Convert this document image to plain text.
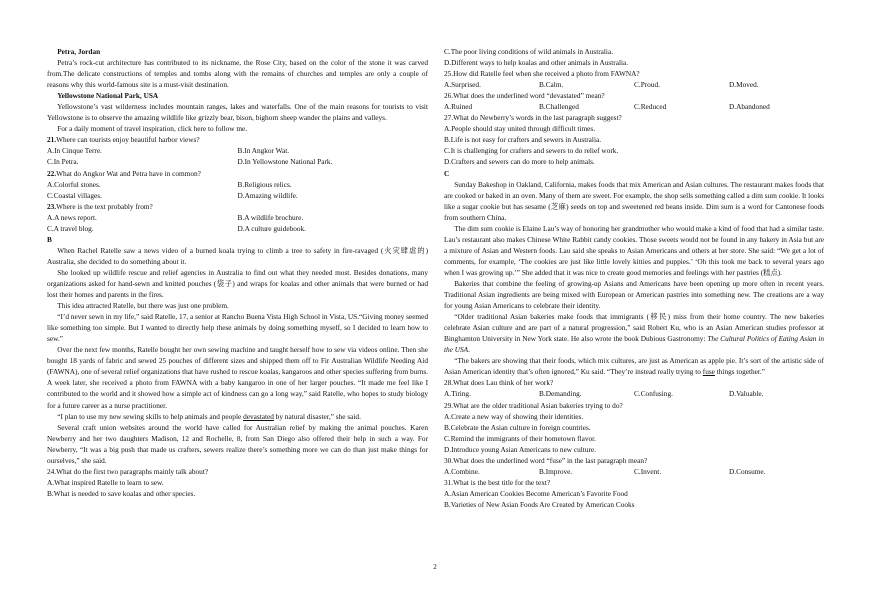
Petra, Jordan

Petra’s rock-cut architecture has contributed to its nickname, the Rose City, based on the color of the stone it was carved from.The delicate constructions of temples and tombs along with the remains of churches and temples are only a couple of reasons why this world-famous site is a must-visit destination.

Yellowstone National Park, USA

Yellowstone’s vast wilderness includes mountain ranges, lakes and waterfalls. One of the main reasons for tourists to visit Yellowstone is to observe the amazing wildlife like grizzly bear, bison, bighorn sheep wander the plains and valleys.

For a daily moment of travel inspiration, click here to follow me.

21.Where can tourists enjoy beautiful harbor views?

A.In Cinque Terre.	B.In Angkor Wat.
C.In Petra.	D.In Yellowstone National Park.

22.What do Angkor Wat and Petra have in common?

A.Colorful stones.	B.Religious relics.
C.Coastal villages.	D.Amazing wildlife.

23.Where is the text probably from?

A.A news report.	B.A wildlife brochure.
C.A travel blog.	D.A culture guidebook.

B

When Rachel Ratelle saw a news video of a burned koala trying to climb a tree to safety in fire-ravaged (火灾肆虐的) Australia, she decided to do something about it.

She looked up wildlife rescue and relief agencies in Australia to find out what they needed most. Besides donations, many organizations asked for hand-sewn and knitted pouches (袋子) and wraps for koalas and other animals that were burned or had lost their homes and parents in the fires.

This idea attracted Ratelle, but there was just one problem.

“I’d never sewn in my life,” said Ratelle, 17, a senior at Rancho Buena Vista High School in Vista, US.“Giving money seemed like something too simple. But I wanted to directly help these animals by doing something myself, so I decided to learn how to sew.”

Over the next few months, Ratelle bought her own sewing machine and taught herself how to sew via videos online. Then she bought 18 yards of fabric and sewed 25 pouches of different sizes and shipped them off to Fir Australian Wildlife Needing Aid (FAWNA), one of several relief organizations that have rushed to rescue koalas, kangaroos and other species suffering from burns. A week later, she received a photo from FAWNA with a baby kangaroo in one of her larger pouches. “It made me feel like I contributed to the world and it showed how a simple act of kindness can go a long way,” said Ratelle, who hopes to study biology for a future career as a nurse practitioner.

“I plan to use my new sewing skills to help animals and people devastated by natural disaster,” she said.

Several craft union websites around the world have called for Australian relief by making the animal pouches. Karen Newberry and her two daughters Madison, 12 and Rochelle, 8, from San Diego also offered their help in such a way. For Newberry, “It was a big push that made us crafters, sewers realize there’s something more we can do than just make things for ourselves,” she said.

24.What do the first two paragraphs mainly talk about?

A.What inspired Ratelle to learn to sew.

B.What is needed to save koalas and other species.

C.The poor living conditions of wild animals in Australia.

D.Different ways to help koalas and other animals in Australia.

25.How did Ratelle feel when she received a photo from FAWNA?

A.Surprised.	B.Calm.	C.Proud.	D.Moved.

26.What does the underlined word “devastated” mean?

A.Ruined	B.Challenged	C.Reduced	D.Abandoned

27.What do Newberry’s words in the last paragraph suggest?

A.People should stay united through difficult times.

B.Life is not easy for crafters and sewers in Australia.

C.It is challenging for crafters and sewers to do relief work.

D.Crafters and sewers can do more to help animals.

C

Sunday Bakeshop in Oakland, California, makes foods that mix American and Asian cultures. The restaurant makes foods that are cooked or baked in an oven. Many of them are sweet. For example, the shop sells something called a dim sum cookie. It looks like a sugar cookie but has sesame (芝麻) seeds on top and sweetened red beans inside. Dim sum is a word for Cantonese foods from southern China.

The dim sum cookie is Elaine Lau’s way of honoring her grandmother who would make a kind of food that had a similar taste. Lau’s restaurant also makes Chinese White Rabbit candy cookies. Those sweets would not be found in any bakery in Asia but are a mixture of Asian and Western foods. Lau said she speaks to Asian Americans and others at her store. She said: “We get a lot of comments, for example, ‘The cookies are just like little lovely kitties and puppies.’ ‘Oh this took me back to several years ago when I was growing up.’” She added that it was nice to create good memories and feelings with her pastries (糕点).

Bakeries that combine the feeling of growing-up Asians and Americans have been opening up more often in recent years. Traditional Asian ingredients are being mixed with European or American pastries into something new. The creations are a way for young Asian Americans to celebrate their identity.

“Older traditional Asian bakeries make foods that immigrants (移民) miss from their home country. The new bakeries celebrate Asian culture and are part of a natural progression,” said Robert Ku, who is an Asian American studies professor at Binghamton University in New York state. He also wrote the book Dubious Gastronomy: The Cultural Politics of Eating Asian in the USA.

“The bakers are showing that their foods, which mix cultures, are just as American as apple pie. It’s sort of the artistic side of Asian American identity that’s often ignored,” Ku said. “They’re instead really trying to fuse things together.”

28.What does Lau think of her work?

A.Tiring.	B.Demanding.	C.Confusing.	D.Valuable.

29.What are the older traditional Asian bakeries trying to do?

A.Create a new way of showing their identities.

B.Celebrate the Asian culture in foreign countries.

C.Remind the immigrants of their hometown flavor.

D.Introduce young Asian Americans to new culture.

30.What does the underlined word “fuse” in the last paragraph mean?

A.Combine.	B.Improve.	C.Invent.	D.Consume.

31.What is the best title for the text?

A.Asian American Cookies Become American’s Favorite Food

B.Varieties of New Asian Foods Are Created by American Cooks

2
